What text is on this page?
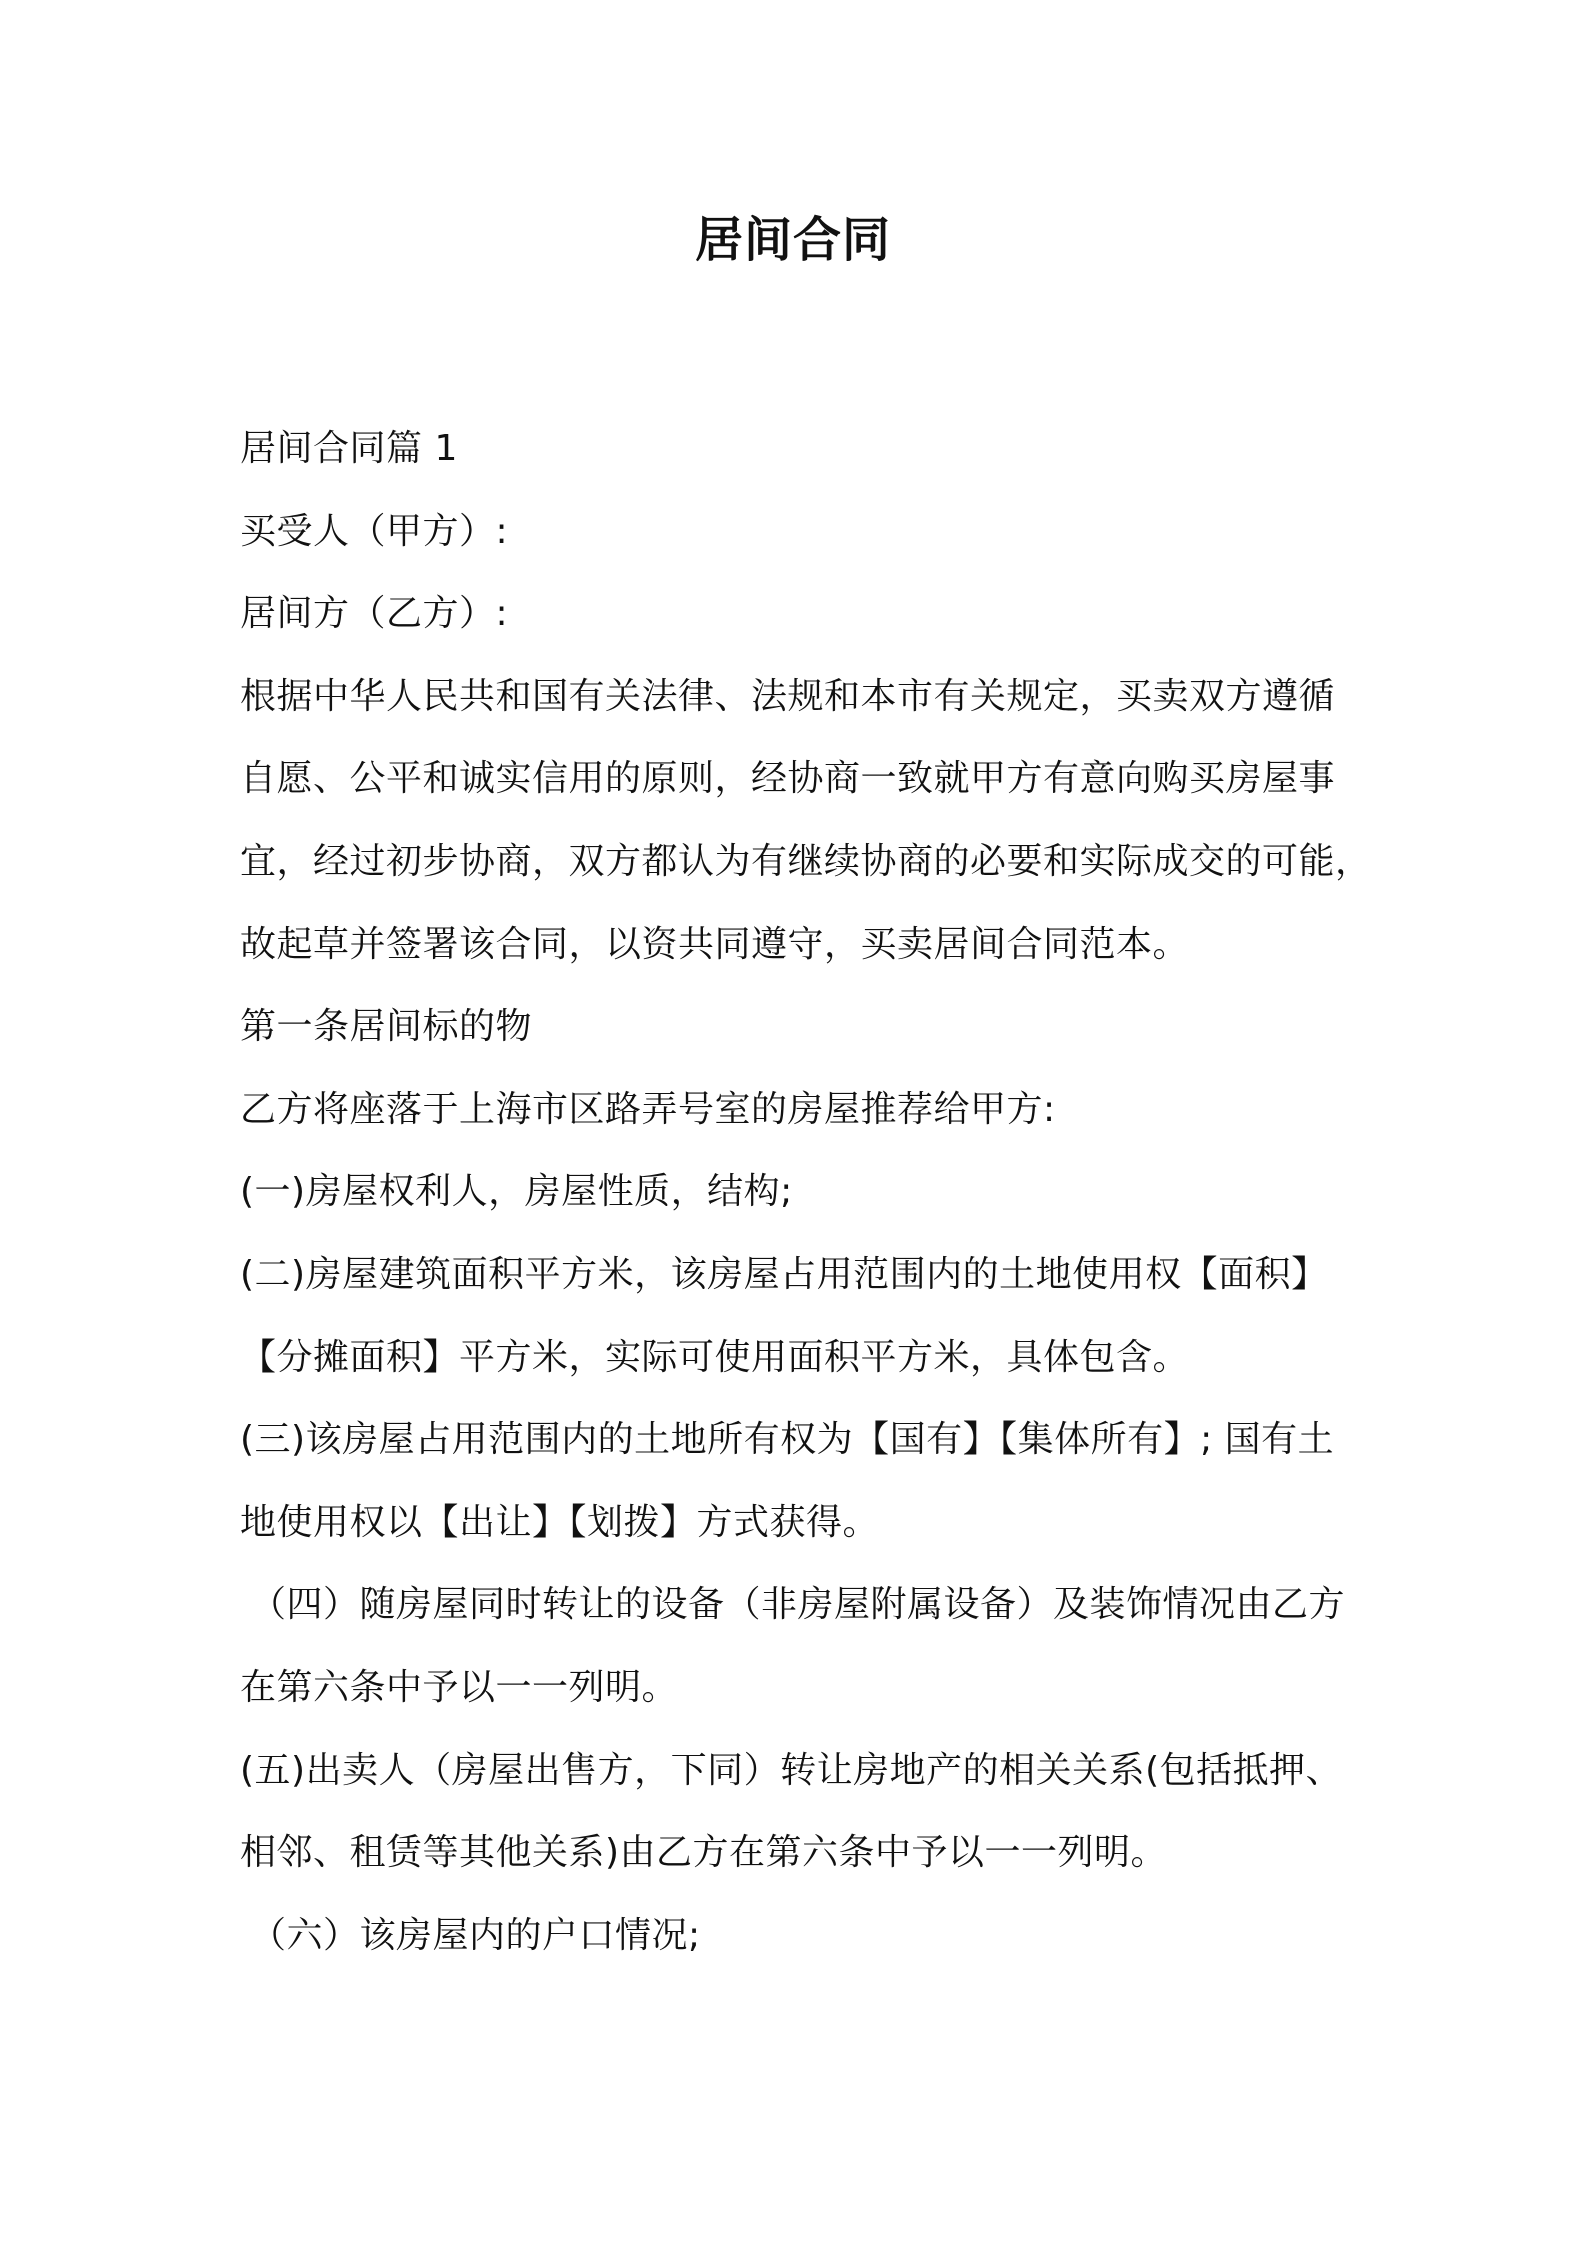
居间合同
居间合同篇 1
买受人（甲方）:
居间方（乙方）:
根据中华人民共和国有关法律、法规和本市有关规定，买卖双方遵循
自愿、公平和诚实信用的原则，经协商一致就甲方有意向购买房屋事
宜，经过初步协商，双方都认为有继续协商的必要和实际成交的可能，
故起草并签署该合同，以资共同遵守，买卖居间合同范本。
第一条居间标的物
乙方将座落于上海市区路弄号室的房屋推荐给甲方:
(一)房屋权利人，房屋性质，结构;
(二)房屋建筑面积平方米，该房屋占用范围内的土地使用权【面积】
【分摊面积】平方米，实际可使用面积平方米，具体包含。
(三)该房屋占用范围内的土地所有权为【国有】【集体所有】; 国有土
地使用权以【出让】【划拨】方式获得。
（四）随房屋同时转让的设备（非房屋附属设备）及装饰情况由乙方
在第六条中予以一一列明。
(五)出卖人（房屋出售方，下同）转让房地产的相关关系(包括抵押、
相邻、租赁等其他关系)由乙方在第六条中予以一一列明。
（六）该房屋内的户口情况;
